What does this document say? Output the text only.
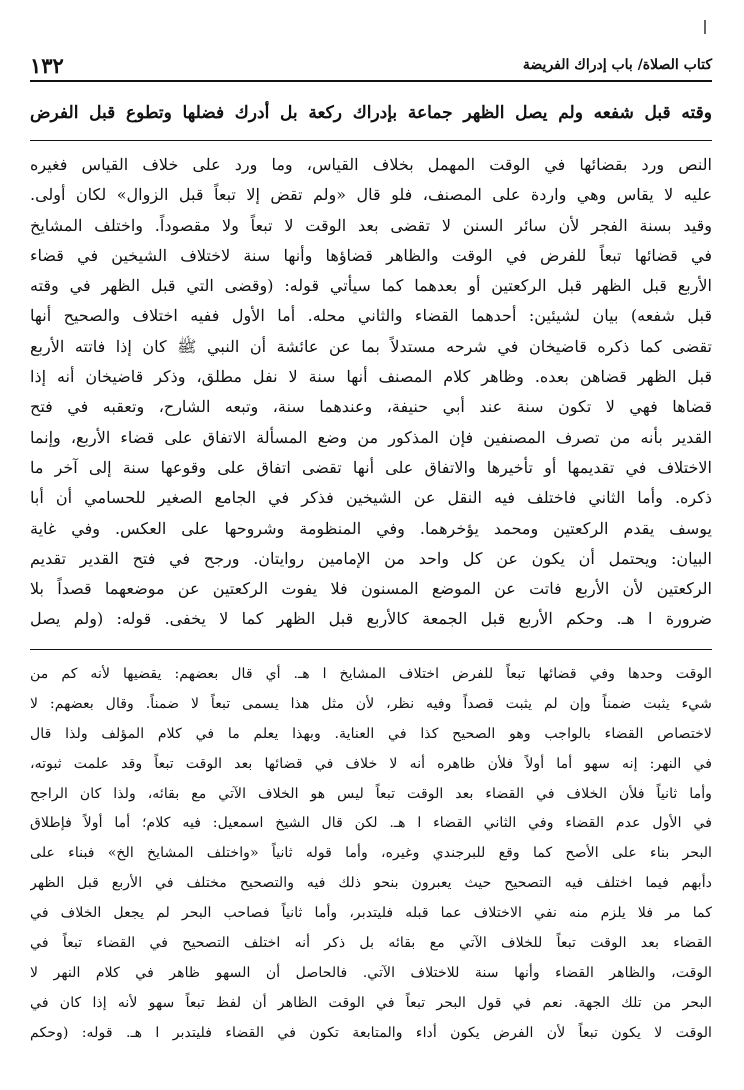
١٣٢	كتاب الصلاة/ باب إدراك الفريضة
وقته قبل شفعه ولم يصل الظهر جماعة بإدراك ركعة بل أدرك فضلها وتطوع قبل الفرض
النص ورد بقضائها في الوقت المهمل بخلاف القياس، وما ورد على خلاف القياس فغيره
عليه لا يقاس وهي واردة على المصنف، فلو قال «ولم تقض إلا تبعاً قبل الزوال» لكان أولى.
وقيد بسنة الفجر لأن سائر السنن لا تقضى بعد الوقت لا تبعاً ولا مقصوداً. واختلف المشايخ
في قضائها تبعاً للفرض في الوقت والظاهر قضاؤها وأنها سنة لاختلاف الشيخين في قضاء
الأربع قبل الظهر قبل الركعتين أو بعدهما كما سيأتي قوله: (وقضى التي قبل الظهر في وقته
قبل شفعه) بيان لشيئين: أحدهما القضاء والثاني محله. أما الأول ففيه اختلاف والصحيح أنها
تقضى كما ذكره قاضيخان في شرحه مستدلاً بما عن عائشة أن النبي ﷺ كان إذا فاتته الأربع
قبل الظهر قضاهن بعده. وظاهر كلام المصنف أنها سنة لا نفل مطلق، وذكر قاضيخان أنه إذا
قضاها فهي لا تكون سنة عند أبي حنيفة، وعندهما سنة، وتبعه الشارح، وتعقبه في فتح
القدير بأنه من تصرف المصنفين فإن المذكور من وضع المسألة الاتفاق على قضاء الأربع، وإنما
الاختلاف في تقديمها أو تأخيرها والاتفاق على أنها تقضى اتفاق على وقوعها سنة إلى آخر ما
ذكره. وأما الثاني فاختلف فيه النقل عن الشيخين فذكر في الجامع الصغير للحسامي أن أبا
يوسف يقدم الركعتين ومحمد يؤخرهما. وفي المنظومة وشروحها على العكس. وفي غاية
البيان: ويحتمل أن يكون عن كل واحد من الإمامين روايتان. ورجح في فتح القدير تقديم
الركعتين لأن الأربع فاتت عن الموضع المسنون فلا يفوت الركعتين عن موضعهما قصداً بلا
ضرورة ا هـ. وحكم الأربع قبل الجمعة كالأربع قبل الظهر كما لا يخفى. قوله: (ولم يصل
الوقت وحدها وفي قضائها تبعاً للفرض اختلاف المشايخ ا هـ. أي قال بعضهم: يقضيها لأنه كم من
شيء يثبت ضمناً وإن لم يثبت قصداً وفيه نظر، لأن مثل هذا يسمى تبعاً لا ضمناً. وقال بعضهم: لا
لاختصاص القضاء بالواجب وهو الصحيح كذا في العناية. وبهذا يعلم ما في كلام المؤلف ولذا قال
في النهر: إنه سهو أما أولاً فلأن ظاهره أنه لا خلاف في قضائها بعد الوقت تبعاً وقد علمت ثبوته،
وأما ثانياً فلأن الخلاف في القضاء بعد الوقت تبعاً ليس هو الخلاف الآتي مع بقائه، ولذا كان الراجح
في الأول عدم القضاء وفي الثاني القضاء ا هـ. لكن قال الشيخ اسمعيل: فيه كلام؛ أما أولاً فإطلاق
البحر بناء على الأصح كما وقع للبرجندي وغيره، وأما قوله ثانياً «واختلف المشايخ الخ» فبناء على
دأبهم فيما اختلف فيه التصحيح حيث يعبرون بنحو ذلك فيه والتصحيح مختلف في الأربع قبل الظهر
كما مر فلا يلزم منه نفي الاختلاف عما قبله فليتدبر، وأما ثانياً فصاحب البحر لم يجعل الخلاف في
القضاء بعد الوقت تبعاً للخلاف الآتي مع بقائه بل ذكر أنه اختلف التصحيح في القضاء تبعاً في
الوقت، والظاهر القضاء وأنها سنة للاختلاف الآتي. فالحاصل أن السهو ظاهر في كلام النهر لا
البحر من تلك الجهة. نعم في قول البحر تبعاً في الوقت الظاهر أن لفظ تبعاً سهو لأنه إذا كان في
الوقت لا يكون تبعاً لأن الفرض يكون أداء والمتابعة تكون في القضاء فليتدبر ا هـ. قوله: (وحكم
